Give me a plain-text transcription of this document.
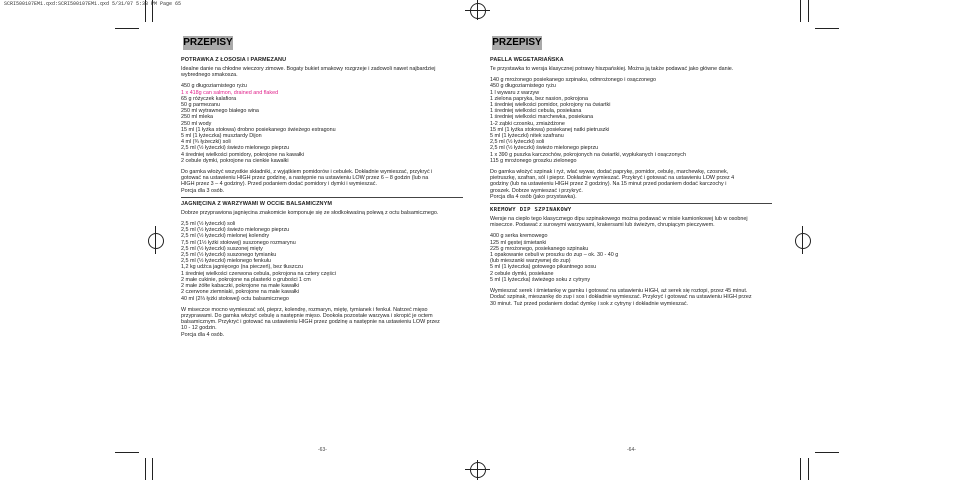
SCRI500107EM1.qxd:SCRI500107EM1.qxd 5/31/07 5:33 PM Page 65
PRZEPISY
POTRAWKA Z ŁOSOSIA I PARMEZANU

Idealne danie na chłodne wieczory zimowe. Bogaty bukiet smakowy rozgrzeje i zadowoli nawet najbardziej

wybrednego smakosza.

450 g długoziarnistego ryżu

1 x 418g can salmon, drained and flaked

65 g różyczek kalafiora

50 g parmezanu

250 ml wytrawnego białego wina

250 ml mleka

250 ml wody

15 ml (1 łyżka stołowa) drobno posiekanego świeżego estragonu

5 ml (1 łyżeczka) musztardy Dijon

4 ml (¾ łyżeczki) soli

2,5 ml (½ łyżeczki) świeżo mielonego pieprzu

4 średniej wielkości pomidory, pokrojone na kawałki

2 cebule dymki, pokrojone na cienkie kawałki

Do garnka włożyć wszystkie składniki, z wyjątkiem pomidorów i cebulek. Dokładnie wymieszać, przykryć i

gotować na ustawieniu HIGH przez godzinę, a następnie na ustawieniu LOW przez 6 – 8 godzin (lub na

HIGH przez 3 – 4 godziny). Przed podaniem dodać pomidory i dymki i wymieszać.

Porcja dla 3 osób.

JAGNIĘCINA Z WARZYWAMI W OCCIE BALSAMICZNYM

Dobrze przyprawiona jagnięcina znakomicie komponuje się ze słodkokwaśną polewą z octu balsamicznego.

2,5 ml (½ łyżeczki) soli

2,5 ml (½ łyżeczki) świeżo mielonego pieprzu

2,5 ml (½ łyżeczki) mielonej kolendry

7,5 ml (1½ łyżki stołowej) suszonego rozmarynu

2,5 ml (½ łyżeczki) suszonej mięty

2,5 ml (½ łyżeczki) suszonego tymianku

2,5 ml (½ łyżeczki) mielonego fenkułu

1,2 kg udźca jagnięcego (na pieczeń), bez tłuszczu

1 średniej wielkości czerwona cebula, pokrojona na cztery części

2 małe cukinie, pokrojone na plasterki o grubości 1 cm

2 małe żółte kabaczki, pokrojone na małe kawałki

2 czerwone ziemniaki, pokrojone na małe kawałki

40 ml (2⅔ łyżki stołowej) octu balsamicznego

W miseczce mocno wymieszać sól, pieprz, kolendrę, rozmaryn, miętę, tymianek i fenkuł. Natrzeć mięso

przyprawami. Do garnka włożyć cebulę a następnie mięso. Dookoła pozostałe warzywa i skropić je octem

balsamicznym. Przykryć i gotować na ustawieniu HIGH przez godzinę a następnie na ustawieniu LOW przez

10 - 12 godzin.

Porcja dla 4 osób.

-63-
PRZEPISY
PAELLA WEGETARIAŃSKA

Te przystawka to wersja klasycznej potrawy hiszpańskiej. Można ją także podawać jako główne danie.

140 g mrożonego posiekanego szpinaku, odmrożonego i osączonego

450 g długoziarnistego ryżu

1 l wywaru z warzyw

1 zielona papryka, bez nasion, pokrojona

1 średniej wielkości pomidor, pokrojony na ćwiartki

1 średniej wielkości cebula, posiekana

1 średniej wielkości marchewka, posiekana

1-2 ząbki czosnku, zmiażdżone

15 ml (1 łyżka stołowa) posiekanej natki pietruszki

5 ml (1 łyżeczki) nitek szafranu

2,5 ml (½ łyżeczki) soli

2,5 ml (½ łyżeczki) świeżo mielonego pieprzu

1 x 390 g puszka karczochów, pokrojonych na ćwiartki, wypłukanych i osączonych

115 g mrożonego groszku zielonego

Do garnka włożyć szpinak i ryż, wlać wywar, dodać paprykę, pomidor, cebulę, marchewkę, czosnek,

pietruszkę, szafran, sól i pieprz. Dokładnie wymieszać. Przykryć i gotować na ustawieniu LOW przez 4

godziny (lub na ustawieniu HIGH przez 2 godziny). Na 15 minut przed podaniem dodać karczochy i

groszek. Dobrze wymieszać i przykryć.

Porcja dla 4 osób (jako przystawka).

KREMOWY DIP SZPINAKOWY

Wersje na ciepło tego klasycznego dipu szpinakowego można podawać w misie kamionkowej lub w osobnej

miseczce. Podawać z surowymi warzywami, krakersami lub świeżym, chrupiącym pieczywem.

400 g serka kremowego

125 ml gęstej śmietanki

225 g mrożonego, posiekanego szpinaku

1 opakowanie cebuli w proszku do zup – ok. 30 - 40 g

(lub mieszanki warzywnej do zup)

5 ml (1 łyżeczka) gotowego pikantnego sosu

2 cebule dymki, posiekane

5 ml (1 łyżeczka) świeżego soku z cytryny

Wymieszać serek i śmietankę w garnku i gotować na ustawieniu HIGH, aż serek się roztopi, przez 45 minut.

Dodać szpinak, mieszankę do zup i sos i dokładnie wymieszać. Przykryć i gotować na ustawieniu HIGH przez

30 minut. Tuż przed podaniem dodać dymkę i sok z cytryny i dokładnie wymieszać.

-64-
